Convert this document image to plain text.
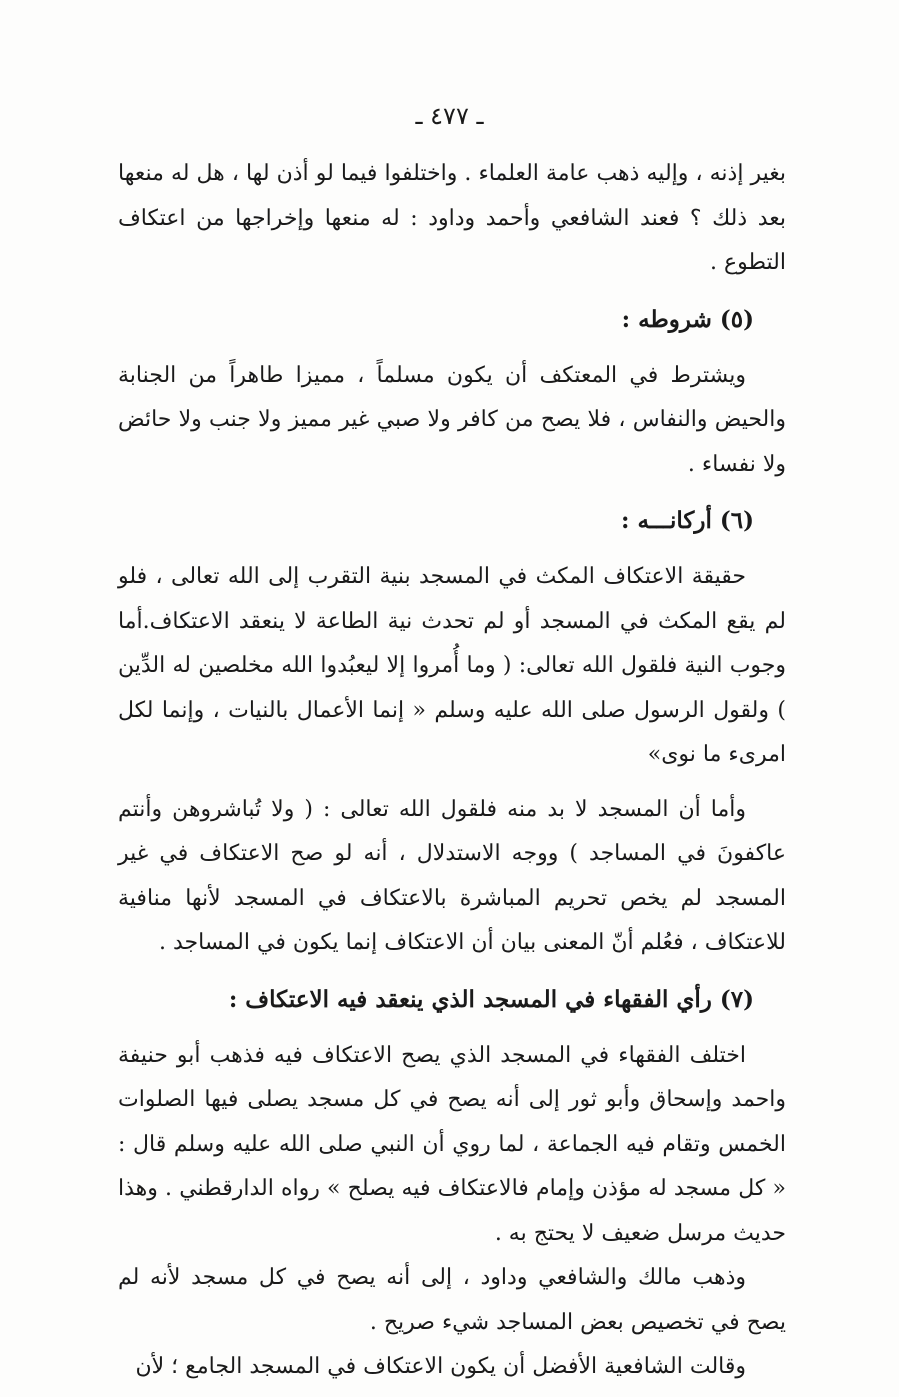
ـ ٤٧٧ ـ

بغير إذنه ، وإليه ذهب عامة العلماء . واختلفوا فيما لو أذن لها ، هل له منعها بعد ذلك ؟ فعند الشافعي وأحمد وداود : له منعها وإخراجها من اعتكاف التطوع .

(٥) شروطه :

ويشترط في المعتكف أن يكون مسلماً ، مميزا طاهراً من الجنابة والحيض والنفاس ، فلا يصح من كافر ولا صبي غير مميز ولا جنب ولا حائض ولا نفساء .

(٦) أركانـــه :

حقيقة الاعتكاف المكث في المسجد بنية التقرب إلى الله تعالى ، فلو لم يقع المكث في المسجد أو لم تحدث نية الطاعة لا ينعقد الاعتكاف.أما وجوب النية فلقول الله تعالى: ( وما أُمروا إلا ليعبُدوا الله مخلصين له الدِّين ) ولقول الرسول صلى الله عليه وسلم « إنما الأعمال بالنيات ، وإنما لكل امرىء ما نوى»

وأما أن المسجد لا بد منه فلقول الله تعالى : ( ولا تُباشروهن وأنتم عاكفونَ في المساجد ) ووجه الاستدلال ، أنه لو صح الاعتكاف في غير المسجد لم يخص تحريم المباشرة بالاعتكاف في المسجد لأنها منافية للاعتكاف ، فعُلم أنّ المعنى بيان أن الاعتكاف إنما يكون في المساجد .

(٧) رأي الفقهاء في المسجد الذي ينعقد فيه الاعتكاف :

اختلف الفقهاء في المسجد الذي يصح الاعتكاف فيه فذهب أبو حنيفة واحمد وإسحاق وأبو ثور إلى أنه يصح في كل مسجد يصلى فيها الصلوات الخمس وتقام فيه الجماعة ، لما روي أن النبي صلى الله عليه وسلم قال : « كل مسجد له مؤذن وإمام فالاعتكاف فيه يصلح » رواه الدارقطني . وهذا حديث مرسل ضعيف لا يحتج به .

وذهب مالك والشافعي وداود ، إلى أنه يصح في كل مسجد لأنه لم يصح في تخصيص بعض المساجد شيء صريح .

وقالت الشافعية الأفضل أن يكون الاعتكاف في المسجد الجامع ؛ لأن
